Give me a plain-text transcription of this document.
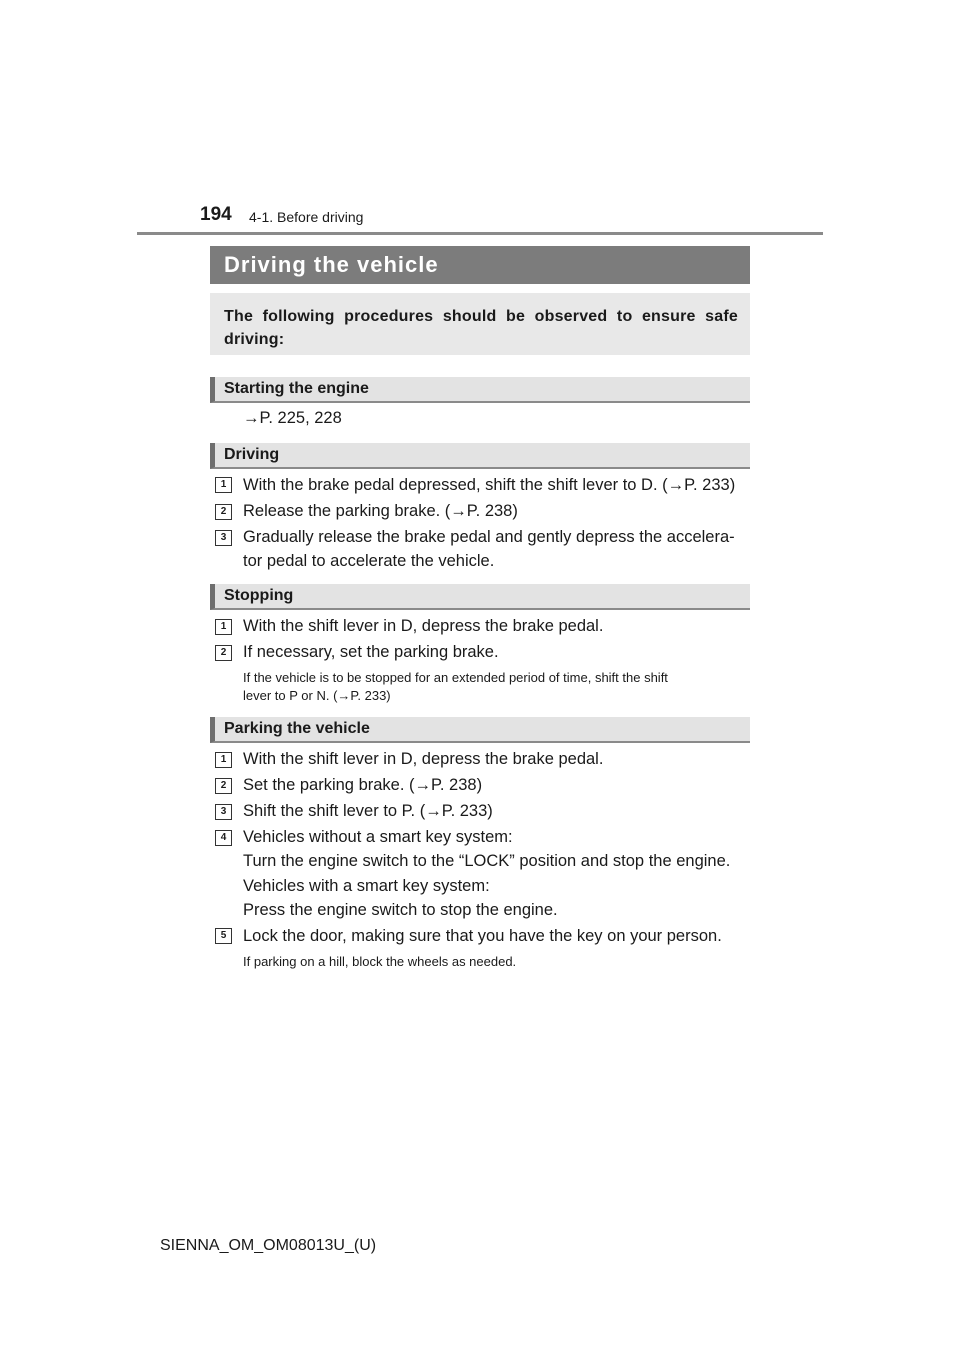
194 4-1. Before driving
Driving the vehicle
The following procedures should be observed to ensure safe driving:
Starting the engine
→P. 225, 228
Driving
1	With the brake pedal depressed, shift the shift lever to D. (→P. 233)
2	Release the parking brake. (→P. 238)
3	Gradually release the brake pedal and gently depress the accelera-
tor pedal to accelerate the vehicle.
Stopping
1	With the shift lever in D, depress the brake pedal.
2	If necessary, set the parking brake.
If the vehicle is to be stopped for an extended period of time, shift the shift
lever to P or N. (→P. 233)
Parking the vehicle
1	With the shift lever in D, depress the brake pedal.
2	Set the parking brake. (→P. 238)
3	Shift the shift lever to P. (→P. 233)
4	Vehicles without a smart key system:
Turn the engine switch to the “LOCK” position and stop the engine.
Vehicles with a smart key system:
Press the engine switch to stop the engine.
5	Lock the door, making sure that you have the key on your person.
If parking on a hill, block the wheels as needed.
SIENNA_OM_OM08013U_(U)
